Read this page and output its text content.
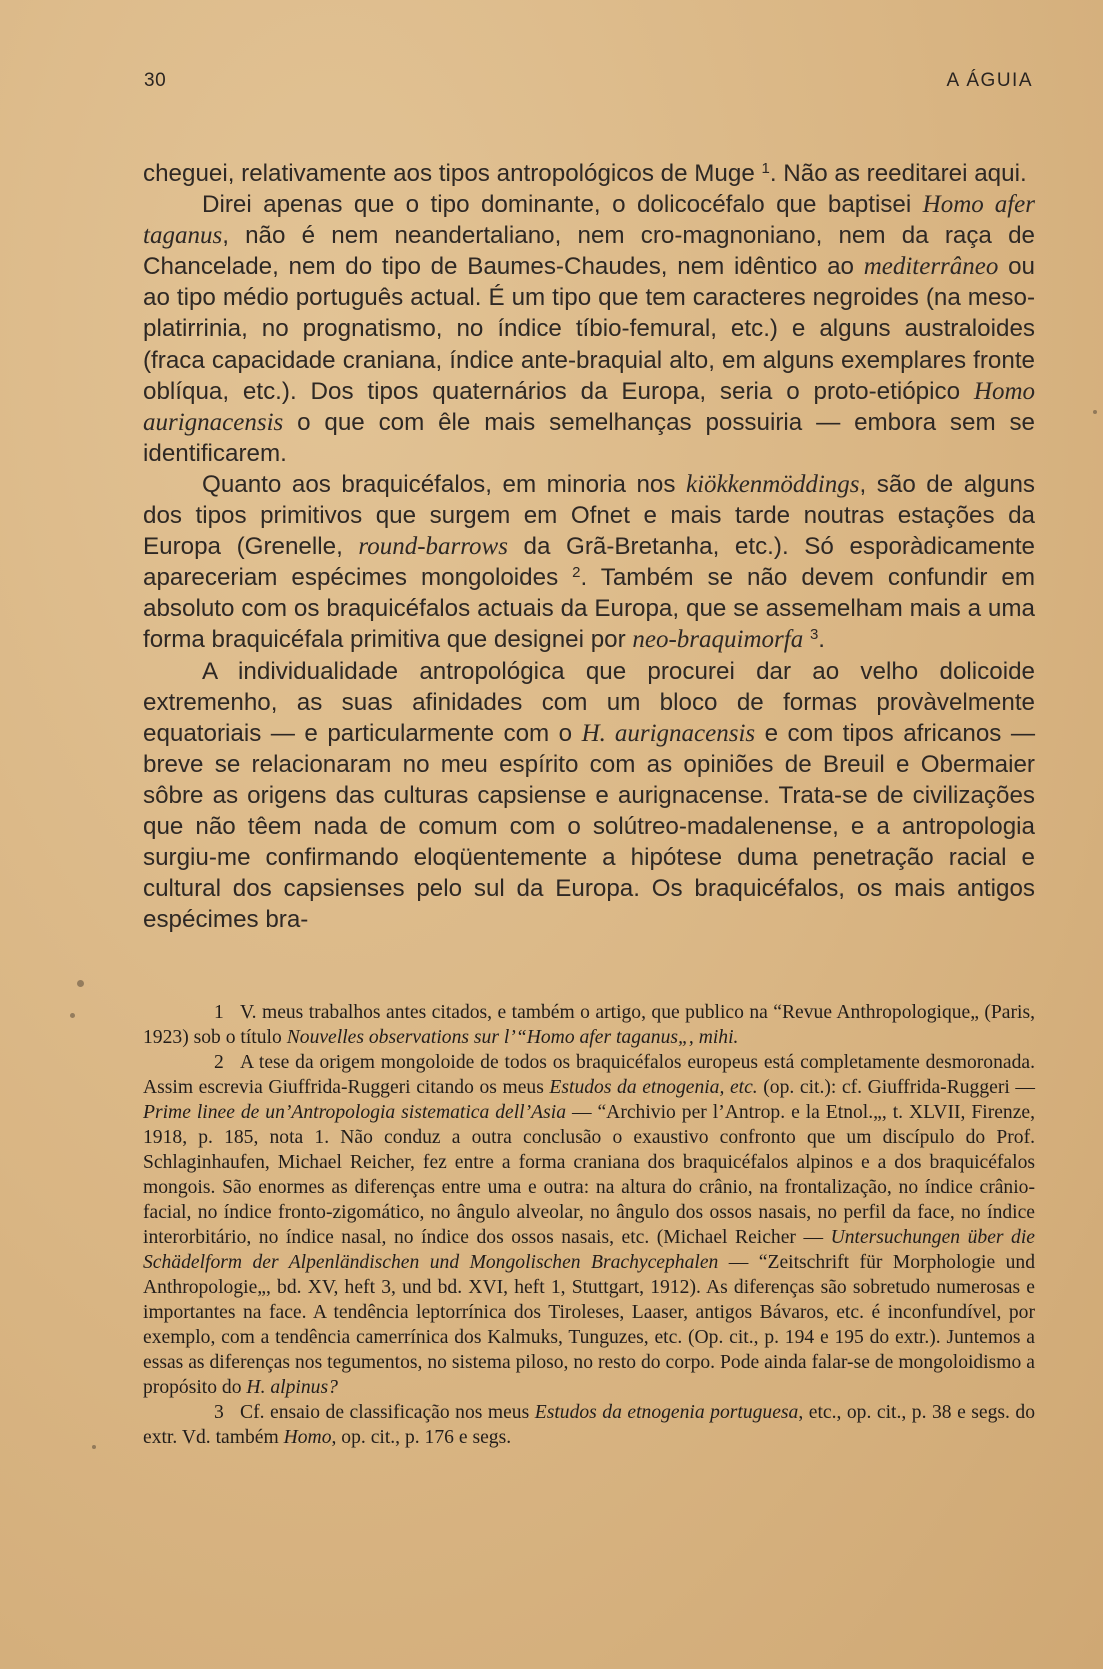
30	A ÁGUIA

cheguei, relativamente aos tipos antropológicos de Muge $^1$. Não as reeditarei aqui.

Direi apenas que o tipo dominante, o dolicocéfalo que baptisei Homo afer taganus, não é nem neandertaliano, nem cro-magnoniano, nem da raça de Chancelade, nem do tipo de Baumes-Chaudes, nem idêntico ao mediterrâneo ou ao tipo médio português actual. É um tipo que tem caracteres negroides (na meso-platirrinia, no prognatismo, no índice tíbio-femural, etc.) e alguns australoides (fraca capacidade craniana, índice ante-braquial alto, em alguns exemplares fronte oblíqua, etc.). Dos tipos quaternários da Europa, seria o proto-etiópico Homo aurignacensis o que com êle mais semelhanças possuiria — embora sem se identificarem.

Quanto aos braquicéfalos, em minoria nos kiökkenmöddings, são de alguns dos tipos primitivos que surgem em Ofnet e mais tarde noutras estações da Europa (Grenelle, round-barrows da Grã-Bretanha, etc.). Só esporàdicamente apareceriam espécimes mongoloides $^2$. Também se não devem confundir em absoluto com os braquicéfalos actuais da Europa, que se assemelham mais a uma forma braquicéfala primitiva que designei por neo-braquimorfa $^3$.

A individualidade antropológica que procurei dar ao velho dolicoide extremenho, as suas afinidades com um bloco de formas provàvelmente equatoriais — e particularmente com o H. aurignacensis e com tipos africanos — breve se relacionaram no meu espírito com as opiniões de Breuil e Obermaier sôbre as origens das culturas capsiense e aurignacense. Trata-se de civilizações que não têem nada de comum com o solútreo-madalenense, e a antropologia surgiu-me confirmando eloqüentemente a hipótese duma penetração racial e cultural dos capsienses pelo sul da Europa. Os braquicéfalos, os mais antigos espécimes bra-

1 V. meus trabalhos antes citados, e também o artigo, que publico na “Revue Anthropologique„ (Paris, 1923) sob o título Nouvelles observations sur l’“Homo afer taganus„, mihi.

2 A tese da origem mongoloide de todos os braquicéfalos europeus está completamente desmoronada. Assim escrevia Giuffrida-Ruggeri citando os meus Estudos da etnogenia, etc. (op. cit.): cf. Giuffrida-Ruggeri — Prime linee de un’Antropologia sistematica dell’Asia — “Archivio per l’Antrop. e la Etnol.„, t. XLVII, Firenze, 1918, p. 185, nota 1. Não conduz a outra conclusão o exaustivo confronto que um discípulo do Prof. Schlaginhaufen, Michael Reicher, fez entre a forma craniana dos braquicéfalos alpinos e a dos braquicéfalos mongois. São enormes as diferenças entre uma e outra: na altura do crânio, na frontalização, no índice crânio-facial, no índice fronto-zigomático, no ângulo alveolar, no ângulo dos ossos nasais, no perfil da face, no índice interorbitário, no índice nasal, no índice dos ossos nasais, etc. (Michael Reicher — Untersuchungen über die Schädelform der Alpenländischen und Mongolischen Brachycephalen — “Zeitschrift für Morphologie und Anthropologie„, bd. XV, heft 3, und bd. XVI, heft 1, Stuttgart, 1912). As diferenças são sobretudo numerosas e importantes na face. A tendência leptorrínica dos Tiroleses, Laaser, antigos Bávaros, etc. é inconfundível, por exemplo, com a tendência camerrínica dos Kalmuks, Tunguzes, etc. (Op. cit., p. 194 e 195 do extr.). Juntemos a essas as diferenças nos tegumentos, no sistema piloso, no resto do corpo. Pode ainda falar-se de mongoloidismo a propósito do H. alpinus?

3 Cf. ensaio de classificação nos meus Estudos da etnogenia portuguesa, etc., op. cit., p. 38 e segs. do extr. Vd. também Homo, op. cit., p. 176 e segs.
